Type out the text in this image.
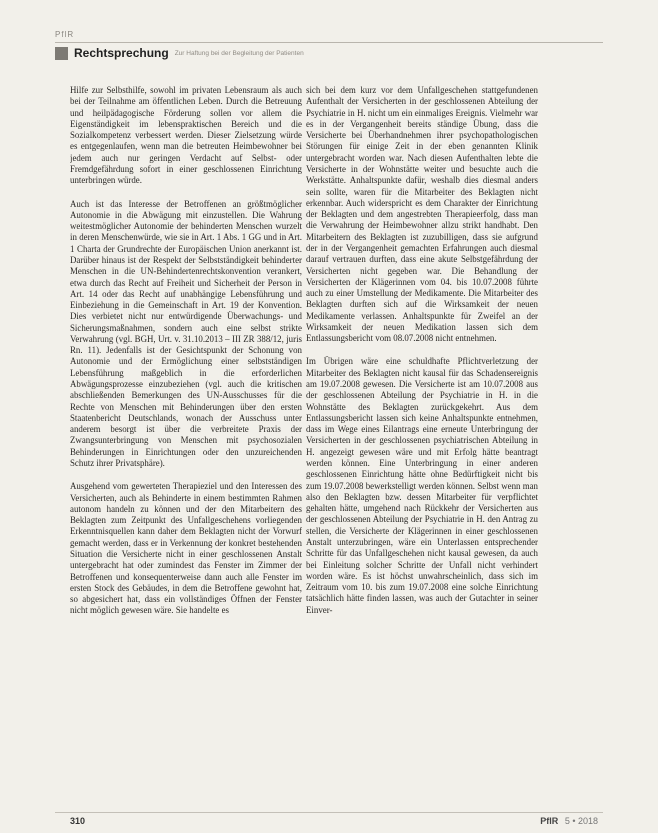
PflR
Rechtsprechung Zur Haftung bei der Begleitung der Patienten

Hilfe zur Selbsthilfe, sowohl im privaten Lebensraum als auch bei der Teilnahme am öffentlichen Leben. Durch die Betreuung und heilpädagogische Förderung sollen vor allem die Eigenständigkeit im lebenspraktischen Bereich und die Sozialkompetenz verbessert werden. Dieser Zielsetzung würde es entgegenlaufen, wenn man die betreuten Heimbewohner bei jedem auch nur geringen Verdacht auf Selbst- oder Fremdgefährdung sofort in einer geschlossenen Einrichtung unterbringen würde.

Auch ist das Interesse der Betroffenen an größtmöglicher Autonomie in die Abwägung mit einzustellen. Die Wahrung weitestmöglicher Autonomie der behinderten Menschen wurzelt in deren Menschenwürde, wie sie in Art. 1 Abs. 1 GG und in Art. 1 Charta der Grundrechte der Europäischen Union anerkannt ist. Darüber hinaus ist der Respekt der Selbstständigkeit behinderter Menschen in die UN-Behindertenrechtskonvention verankert, etwa durch das Recht auf Freiheit und Sicherheit der Person in Art. 14 oder das Recht auf unabhängige Lebensführung und Einbeziehung in die Gemeinschaft in Art. 19 der Konvention. Dies verbietet nicht nur entwürdigende Überwachungs- und Sicherungsmaßnahmen, sondern auch eine selbst strikte Verwahrung (vgl. BGH, Urt. v. 31.10.2013 – III ZR 388/12, juris Rn. 11). Jedenfalls ist der Gesichtspunkt der Schonung von Autonomie und der Ermöglichung einer selbstständigen Lebensführung maßgeblich in die erforderlichen Abwägungsprozesse einzubeziehen (vgl. auch die kritischen abschließenden Bemerkungen des UN-Ausschusses für die Rechte von Menschen mit Behinderungen über den ersten Staatenbericht Deutschlands, wonach der Ausschuss unter anderem besorgt ist über die verbreitete Praxis der Zwangsunterbringung von Menschen mit psychosozialen Behinderungen in Einrichtungen oder den unzureichenden Schutz ihrer Privatsphäre).

Ausgehend vom gewerteten Therapieziel und den Interessen des Versicherten, auch als Behinderte in einem bestimmten Rahmen autonom handeln zu können und der den Mitarbeitern des Beklagten zum Zeitpunkt des Unfallgeschehens vorliegenden Erkenntnisquellen kann daher dem Beklagten nicht der Vorwurf gemacht werden, dass er in Verkennung der konkret bestehenden Situation die Versicherte nicht in einer geschlossenen Anstalt untergebracht hat oder zumindest das Fenster im Zimmer der Betroffenen und konsequenterweise dann auch alle Fenster im ersten Stock des Gebäudes, in dem die Betroffene gewohnt hat, so abgesichert hat, dass ein vollständiges Öffnen der Fenster nicht möglich gewesen wäre. Sie handelte es

sich bei dem kurz vor dem Unfallgeschehen stattgefundenen Aufenthalt der Versicherten in der geschlossenen Abteilung der Psychiatrie in H. nicht um ein einmaliges Ereignis. Vielmehr war es in der Vergangenheit bereits ständige Übung, dass die Versicherte bei Überhandnehmen ihrer psychopathologischen Störungen für einige Zeit in der eben genannten Klinik untergebracht worden war. Nach diesen Aufenthalten lebte die Versicherte in der Wohnstätte weiter und besuchte auch die Werkstätte. Anhaltspunkte dafür, weshalb dies diesmal anders sein sollte, waren für die Mitarbeiter des Beklagten nicht erkennbar. Auch widerspricht es dem Charakter der Einrichtung der Beklagten und dem angestrebten Therapieerfolg, dass man die Verwahrung der Heimbewohner allzu strikt handhabt. Den Mitarbeitern des Beklagten ist zuzubilligen, dass sie aufgrund der in der Vergangenheit gemachten Erfahrungen auch diesmal darauf vertrauen durften, dass eine akute Selbstgefährdung der Versicherten nicht gegeben war. Die Behandlung der Versicherten der Klägerinnen vom 04. bis 10.07.2008 führte auch zu einer Umstellung der Medikamente. Die Mitarbeiter des Beklagten durften sich auf die Wirksamkeit der neuen Medikamente verlassen. Anhaltspunkte für Zweifel an der Wirksamkeit der neuen Medikation lassen sich dem Entlassungsbericht vom 08.07.2008 nicht entnehmen.

Im Übrigen wäre eine schuldhafte Pflichtverletzung der Mitarbeiter des Beklagten nicht kausal für das Schadensereignis am 19.07.2008 gewesen. Die Versicherte ist am 10.07.2008 aus der geschlossenen Abteilung der Psychiatrie in H. in die Wohnstätte des Beklagten zurückgekehrt. Aus dem Entlassungsbericht lassen sich keine Anhaltspunkte entnehmen, dass im Wege eines Eilantrags eine erneute Unterbringung der Versicherten in der geschlossenen psychiatrischen Abteilung in H. angezeigt gewesen wäre und mit Erfolg hätte beantragt werden können. Eine Unterbringung in einer anderen geschlossenen Einrichtung hätte ohne Bedürftigkeit nicht bis zum 19.07.2008 bewerkstelligt werden können. Selbst wenn man also den Beklagten bzw. dessen Mitarbeiter für verpflichtet gehalten hätte, umgehend nach Rückkehr der Versicherten aus der geschlossenen Abteilung der Psychiatrie in H. den Antrag zu stellen, die Versicherte der Klägerinnen in einer geschlossenen Anstalt unterzubringen, wäre ein Unterlassen entsprechender Schritte für das Unfallgeschehen nicht kausal gewesen, da auch bei Einleitung solcher Schritte der Unfall nicht verhindert worden wäre. Es ist höchst unwahrscheinlich, dass sich im Zeitraum vom 10. bis zum 19.07.2008 eine solche Einrichtung tatsächlich hätte finden lassen, was auch der Gutachter in seiner Einver-

310	PflR 5 • 2018
